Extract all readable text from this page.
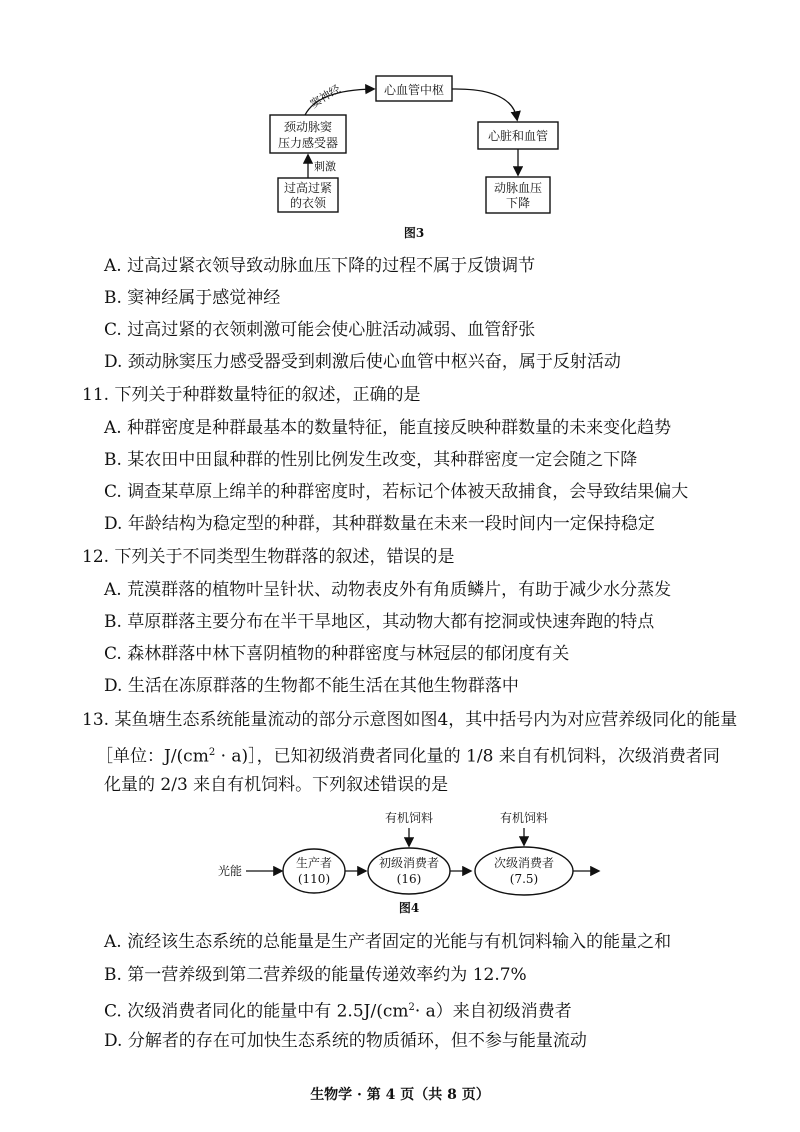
心血管中枢
颈动脉窦
压力感受器
过高过紧
的衣领
心脏和血管
动脉血压
下降
窦神经
刺激
图3
A. 过高过紧衣领导致动脉血压下降的过程不属于反馈调节
B. 窦神经属于感觉神经
C. 过高过紧的衣领刺激可能会使心脏活动减弱、血管舒张
D. 颈动脉窦压力感受器受到刺激后使心血管中枢兴奋，属于反射活动
11. 下列关于种群数量特征的叙述，正确的是
A. 种群密度是种群最基本的数量特征，能直接反映种群数量的未来变化趋势
B. 某农田中田鼠种群的性别比例发生改变，其种群密度一定会随之下降
C. 调查某草原上绵羊的种群密度时，若标记个体被天敌捕食，会导致结果偏大
D. 年龄结构为稳定型的种群，其种群数量在未来一段时间内一定保持稳定
12. 下列关于不同类型生物群落的叙述，错误的是
A. 荒漠群落的植物叶呈针状、动物表皮外有角质鳞片，有助于减少水分蒸发
B. 草原群落主要分布在半干旱地区，其动物大都有挖洞或快速奔跑的特点
C. 森林群落中林下喜阴植物的种群密度与林冠层的郁闭度有关
D. 生活在冻原群落的生物都不能生活在其他生物群落中
13. 某鱼塘生态系统能量流动的部分示意图如图4，其中括号内为对应营养级同化的能量
［单位：$J/(cm^2$ · a)］，已知初级消费者同化量的 1/8 来自有机饲料，次级消费者同
化量的 2/3 来自有机饲料。下列叙述错误的是
光能
生产者
(110)
初级消费者
(16)
有机饲料
次级消费者
(7.5)
有机饲料
图4
A. 流经该生态系统的总能量是生产者固定的光能与有机饲料输入的能量之和
B. 第一营养级到第二营养级的能量传递效率约为 12.7%
C. 次级消费者同化的能量中有 $2.5J/(cm^2\cdot a)$来自初级消费者
D. 分解者的存在可加快生态系统的物质循环，但不参与能量流动
生物学 · 第 4 页（共 8 页）
